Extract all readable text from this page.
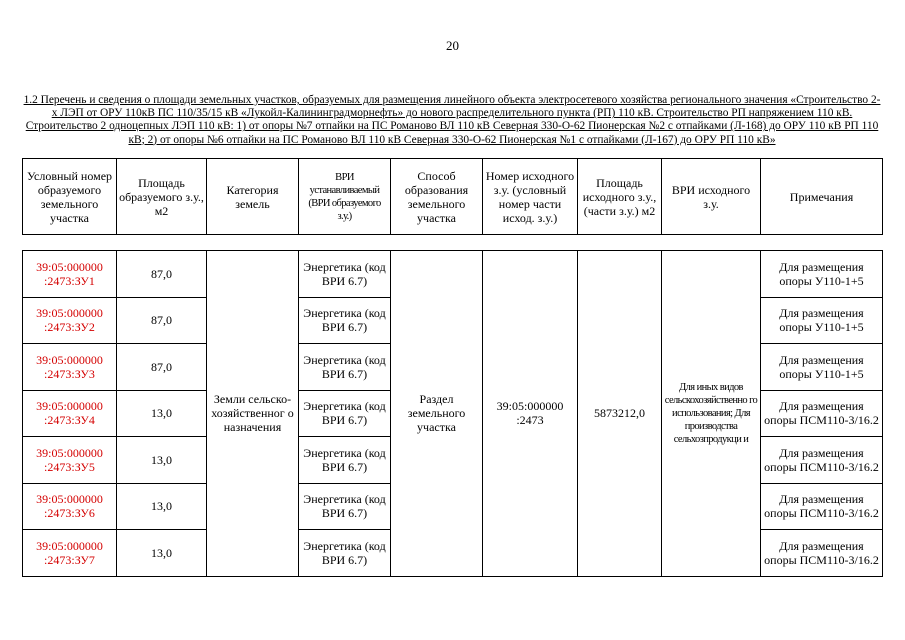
20
1.2 Перечень и сведения о площади земельных участков, образуемых для размещения линейного объекта электросетевого хозяйства регионального значения «Строительство 2-х ЛЭП от ОРУ 110кВ ПС 110/35/15 кВ «Лукойл-Калининградморнефть» до нового распределительного пункта (РП) 110 кВ. Строительство РП напряжением 110 кВ. Строительство 2 одноцепных ЛЭП 110 кВ: 1) от опоры №7 отпайки на ПС Романово ВЛ 110 кВ Северная 330-О-62 Пионерская №2 с отпайками (Л-168) до ОРУ 110 кВ РП 110 кВ; 2) от опоры №6 отпайки на ПС Романово ВЛ 110 кВ Северная 330-О-62 Пионерская №1 с отпайками (Л-167) до ОРУ РП 110 кВ»
Условный номер образуемого земельного участка	Площадь образуемого з.у., м2	Категория земель	ВРИ устанавливаемый (ВРИ образуемого з.у.)	Способ образования земельного участка	Номер исходного з.у. (условный номер части исход. з.у.)	Площадь исходного з.у., (части з.у.) м2	ВРИ исходного з.у.	Примечания
39:05:000000 :2473:ЗУ1	87,0	Земли сельско-хозяйственног о назначения	Энергетика (код ВРИ 6.7)	Раздел земельного участка	39:05:000000 :2473	5873212,0	Для иных видов сельскохозяйственно го использования; Для производства сельхозпродукци и	Для размещения опоры У110-1+5
39:05:000000 :2473:ЗУ2	87,0		Энергетика (код ВРИ 6.7)					Для размещения опоры У110-1+5
39:05:000000 :2473:ЗУ3	87,0		Энергетика (код ВРИ 6.7)					Для размещения опоры У110-1+5
39:05:000000 :2473:ЗУ4	13,0		Энергетика (код ВРИ 6.7)					Для размещения опоры ПСМ110-3/16.2
39:05:000000 :2473:ЗУ5	13,0		Энергетика (код ВРИ 6.7)					Для размещения опоры ПСМ110-3/16.2
39:05:000000 :2473:ЗУ6	13,0		Энергетика (код ВРИ 6.7)					Для размещения опоры ПСМ110-3/16.2
39:05:000000 :2473:ЗУ7	13,0		Энергетика (код ВРИ 6.7)					Для размещения опоры ПСМ110-3/16.2
